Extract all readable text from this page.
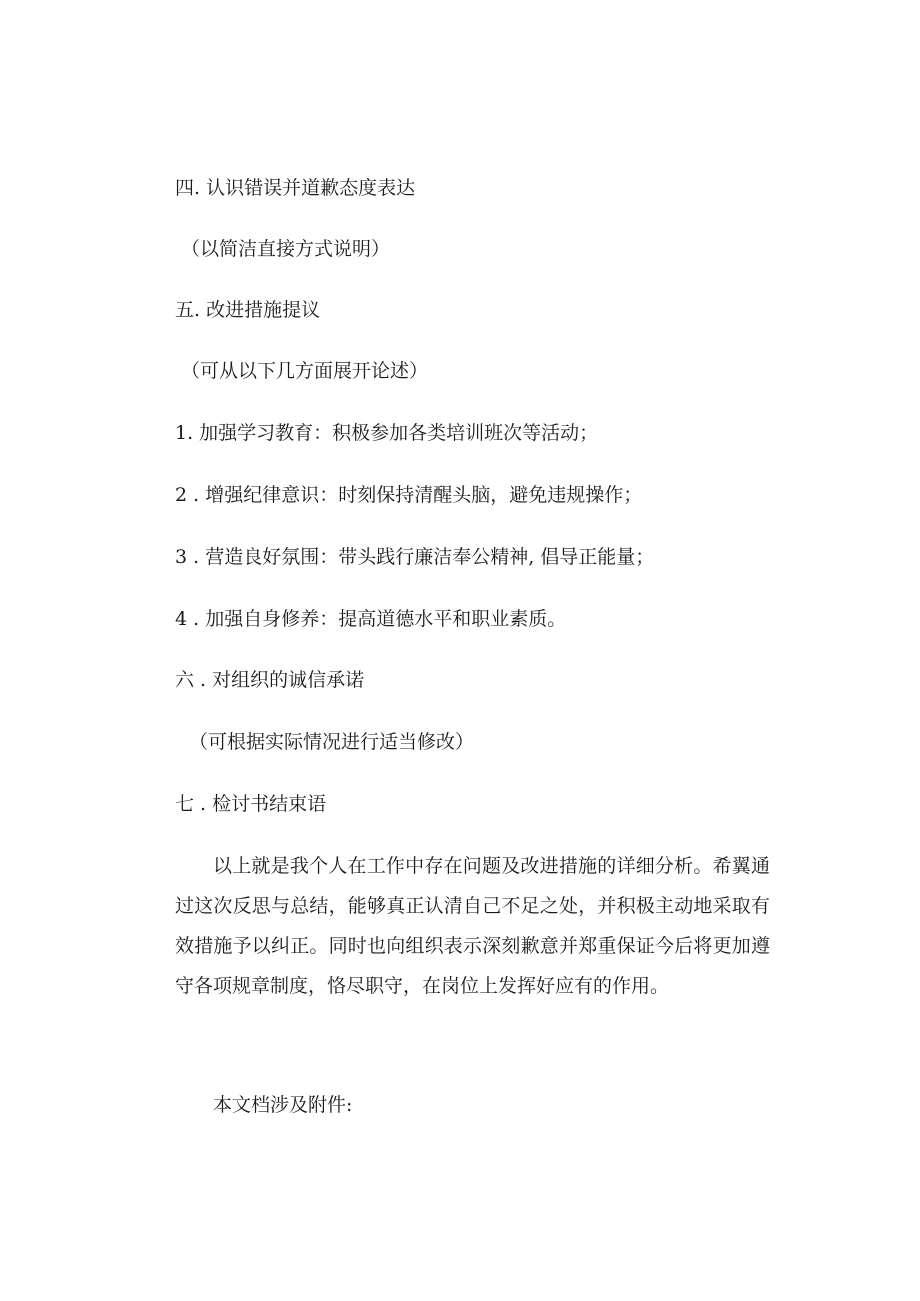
四. 认识错误并道歉态度表达

（以简洁直接方式说明）

五. 改进措施提议

（可从以下几方面展开论述）

1. 加强学习教育：积极参加各类培训班次等活动；

2 . 增强纪律意识：时刻保持清醒头脑，避免违规操作；

3 . 营造良好氛围：带头践行廉洁奉公精神, 倡导正能量；

4 . 加强自身修养：提高道德水平和职业素质。

六 . 对组织的诚信承诺

（可根据实际情况进行适当修改）

七 . 检讨书结束语

以上就是我个人在工作中存在问题及改进措施的详细分析。希翼通过这次反思与总结，能够真正认清自己不足之处，并积极主动地采取有效措施予以纠正。同时也向组织表示深刻歉意并郑重保证今后将更加遵守各项规章制度，恪尽职守，在岗位上发挥好应有的作用。

本文档涉及附件:
